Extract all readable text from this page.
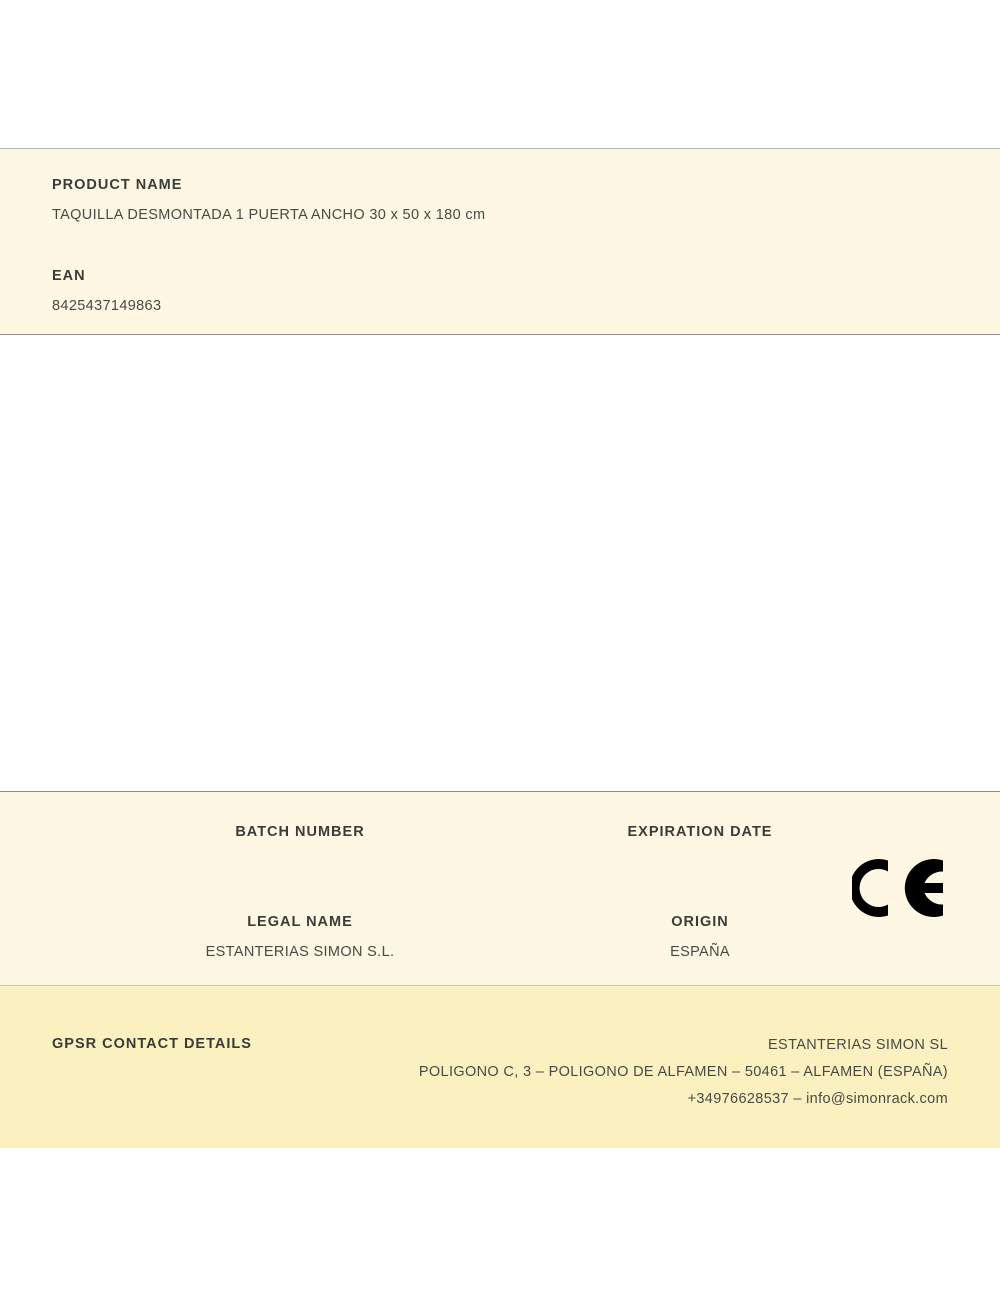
PRODUCT NAME
TAQUILLA DESMONTADA 1 PUERTA ANCHO 30 x 50 x 180 cm
EAN
8425437149863
BATCH NUMBER
LEGAL NAME
ESTANTERIAS SIMON S.L.
EXPIRATION DATE
ORIGIN
ESPAÑA
GPSR CONTACT DETAILS	ESTANTERIAS SIMON SL
POLIGONO C, 3 – POLIGONO DE ALFAMEN – 50461 – ALFAMEN (ESPAÑA)
+34976628537 – info@simonrack.com
